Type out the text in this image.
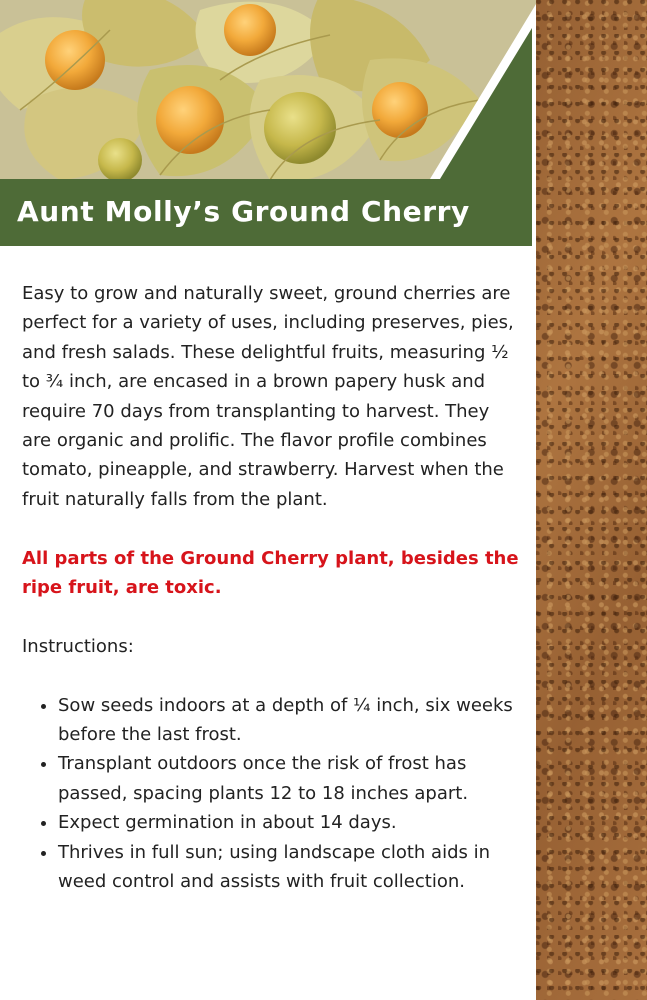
Aunt Molly’s Ground Cherry

Easy to grow and naturally sweet, ground cherries are perfect for a variety of uses, including preserves, pies, and fresh salads. These delightful fruits, measuring ½ to ¾ inch, are encased in a brown papery husk and require 70 days from transplanting to harvest. They are organic and prolific. The flavor profile combines tomato, pineapple, and strawberry. Harvest when the fruit naturally falls from the plant.

All parts of the Ground Cherry plant, besides the ripe fruit, are toxic.

Instructions:

• Sow seeds indoors at a depth of ¼ inch, six weeks before the last frost.
• Transplant outdoors once the risk of frost has passed, spacing plants 12 to 18 inches apart.
• Expect germination in about 14 days.
• Thrives in full sun; using landscape cloth aids in weed control and assists with fruit collection.
